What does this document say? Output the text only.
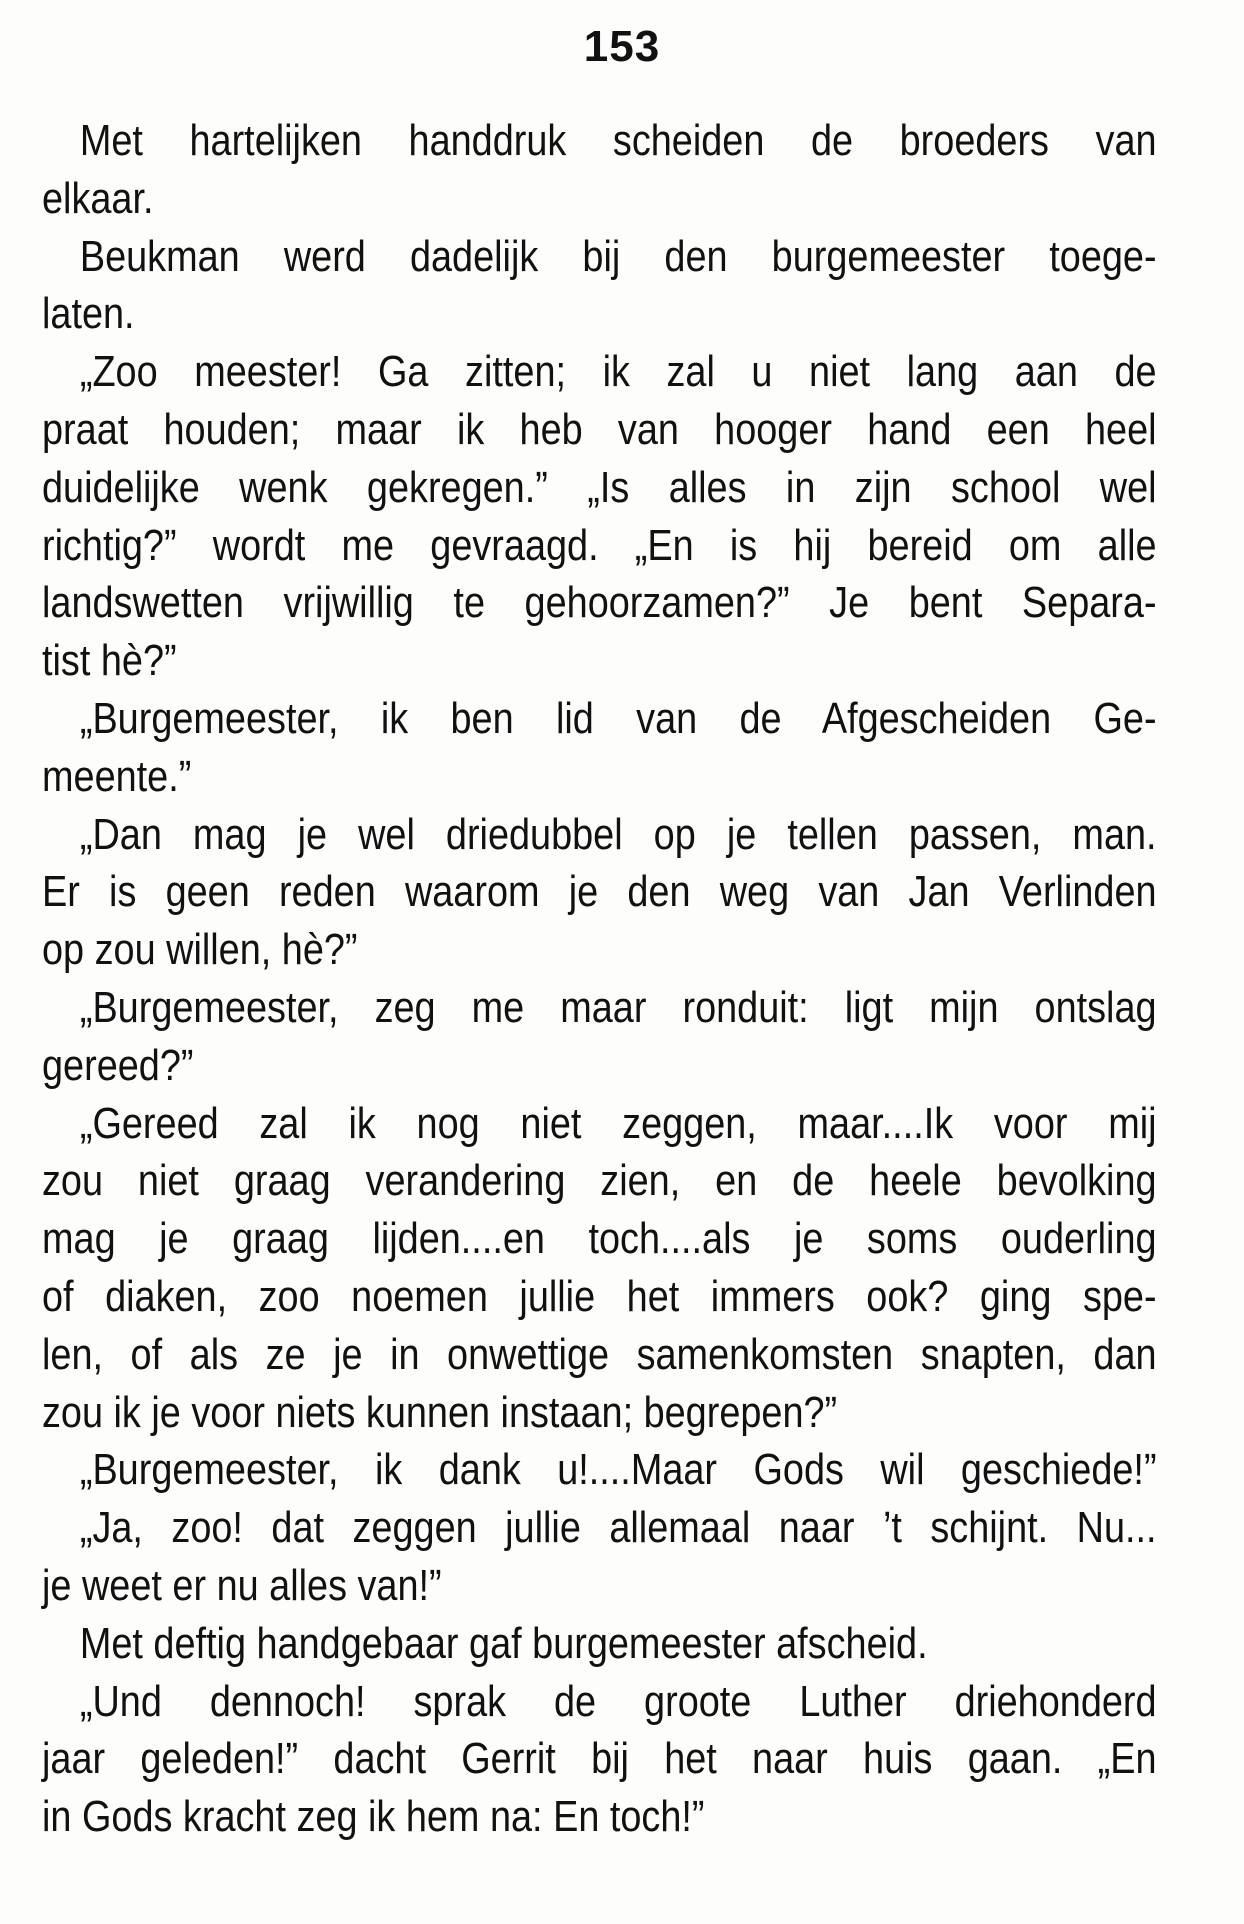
153
Met hartelijken handdruk scheiden de broeders van
elkaar.
Beukman werd dadelijk bij den burgemeester toege-
laten.
„Zoo meester! Ga zitten; ik zal u niet lang aan de
praat houden; maar ik heb van hooger hand een heel
duidelijke wenk gekregen.” „Is alles in zijn school wel
richtig?” wordt me gevraagd. „En is hij bereid om alle
landswetten vrijwillig te gehoorzamen?” Je bent Separa-
tist hè?”
„Burgemeester, ik ben lid van de Afgescheiden Ge-
meente.”
„Dan mag je wel driedubbel op je tellen passen, man.
Er is geen reden waarom je den weg van Jan Verlinden
op zou willen, hè?”
„Burgemeester, zeg me maar ronduit: ligt mijn ontslag
gereed?”
„Gereed zal ik nog niet zeggen, maar....Ik voor mij
zou niet graag verandering zien, en de heele bevolking
mag je graag lijden....en toch....als je soms ouderling
of diaken, zoo noemen jullie het immers ook? ging spe-
len, of als ze je in onwettige samenkomsten snapten, dan
zou ik je voor niets kunnen instaan; begrepen?”
„Burgemeester, ik dank u!....Maar Gods wil geschiede!”
„Ja, zoo! dat zeggen jullie allemaal naar ’t schijnt. Nu...
je weet er nu alles van!”
Met deftig handgebaar gaf burgemeester afscheid.
„Und dennoch! sprak de groote Luther driehonderd
jaar geleden!” dacht Gerrit bij het naar huis gaan. „En
in Gods kracht zeg ik hem na: En toch!”
